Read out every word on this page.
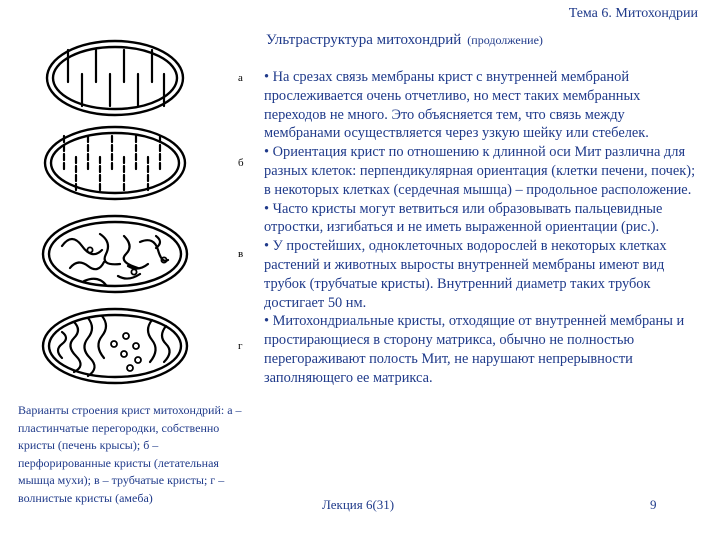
Тема 6. Митохондрии
Ультраструктура митохондрий (продолжение)
а
б
в
г
Варианты строения крист митохондрий: а – пластинчатые перегородки, собственно кристы (печень крысы); б – перфорированные кристы (летательная мышца мухи); в – трубчатые кристы; г – волнистые кристы (амеба)

• На срезах связь мембраны крист с внутренней мембраной прослеживается очень отчетливо, но мест таких мембранных переходов не много. Это объясняется тем, что связь между мембранами осуществляется через узкую шейку или стебелек.

• Ориентация крист по отношению к длинной оси Мит различна для разных клеток: перпендикулярная ориентация (клетки печени, почек); в некоторых клетках (сердечная мышца) – продольное расположение.

• Часто кристы могут ветвиться или образовывать пальцевидные отростки, изгибаться и не иметь выраженной ориентации (рис.).

• У простейших, одноклеточных водорослей в некоторых клетках растений и животных выросты внутренней мембраны имеют вид трубок (трубчатые кристы). Внутренний диаметр таких трубок достигает 50 нм.

• Митохондриальные кристы, отходящие от внутренней мембраны и простирающиеся в сторону матрикса, обычно не полностью перегораживают полость Мит, не нарушают непрерывности заполняющего ее матрикса.

Лекция 6(31)	9
